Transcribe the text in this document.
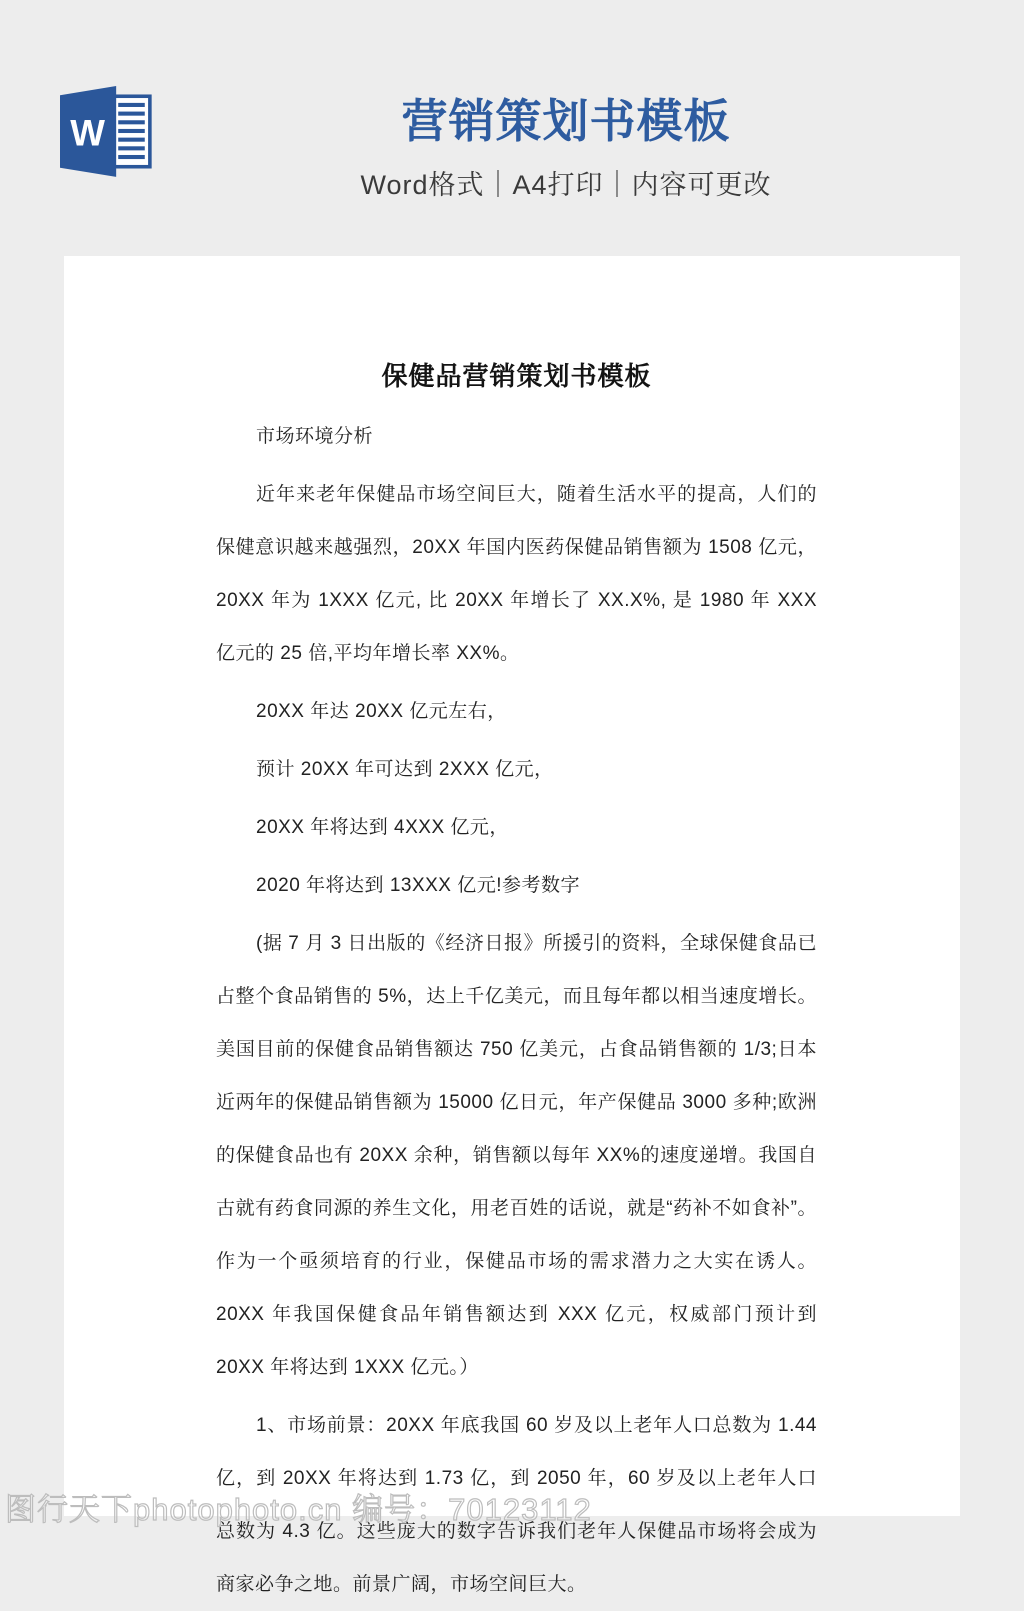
W	营销策划书模板
Word格式｜A4打印｜内容可更改
保健品营销策划书模板

市场环境分析

近年来老年保健品市场空间巨大，随着生活水平的提高，人们的保健意识越来越强烈，20XX 年国内医药保健品销售额为 1508 亿元，20XX 年为 1XXX 亿元, 比 20XX 年增长了 XX.X%, 是 1980 年 XXX 亿元的 25 倍,平均年增长率 XX%。

20XX 年达 20XX 亿元左右，

预计 20XX 年可达到 2XXX 亿元，

20XX 年将达到 4XXX 亿元，

2020 年将达到 13XXX 亿元!参考数字

(据 7 月 3 日出版的《经济日报》所援引的资料，全球保健食品已占整个食品销售的 5%，达上千亿美元，而且每年都以相当速度增长。美国目前的保健食品销售额达 750 亿美元，占食品销售额的 1/3;日本近两年的保健品销售额为 15000 亿日元，年产保健品 3000 多种;欧洲的保健食品也有 20XX 余种，销售额以每年 XX%的速度递增。我国自古就有药食同源的养生文化，用老百姓的话说，就是“药补不如食补”。作为一个亟须培育的行业，保健品市场的需求潜力之大实在诱人。20XX 年我国保健食品年销售额达到 XXX 亿元，权威部门预计到 20XX 年将达到 1XXX 亿元。）

1、市场前景：20XX 年底我国 60 岁及以上老年人口总数为 1.44 亿，到 20XX 年将达到 1.73 亿，到 2050 年，60 岁及以上老年人口总数为 4.3 亿。这些庞大的数字告诉我们老年人保健品市场将会成为商家必争之地。前景广阔，市场空间巨大。

图行天下photophoto.cn 编号：70123112
